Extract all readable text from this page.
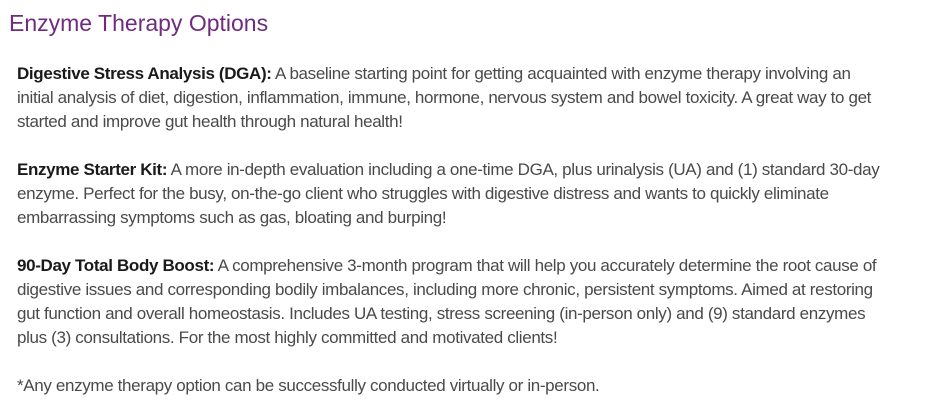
Enzyme Therapy Options

Digestive Stress Analysis (DGA): A baseline starting point for getting acquainted with enzyme therapy involving an
initial analysis of diet, digestion, inflammation, immune, hormone, nervous system and bowel toxicity. A great way to get
started and improve gut health through natural health!

Enzyme Starter Kit: A more in-depth evaluation including a one-time DGA, plus urinalysis (UA) and (1) standard 30-day
enzyme. Perfect for the busy, on-the-go client who struggles with digestive distress and wants to quickly eliminate
embarrassing symptoms such as gas, bloating and burping!

90-Day Total Body Boost: A comprehensive 3-month program that will help you accurately determine the root cause of
digestive issues and corresponding bodily imbalances, including more chronic, persistent symptoms. Aimed at restoring
gut function and overall homeostasis. Includes UA testing, stress screening (in-person only) and (9) standard enzymes
plus (3) consultations. For the most highly committed and motivated clients!

*Any enzyme therapy option can be successfully conducted virtually or in-person.
